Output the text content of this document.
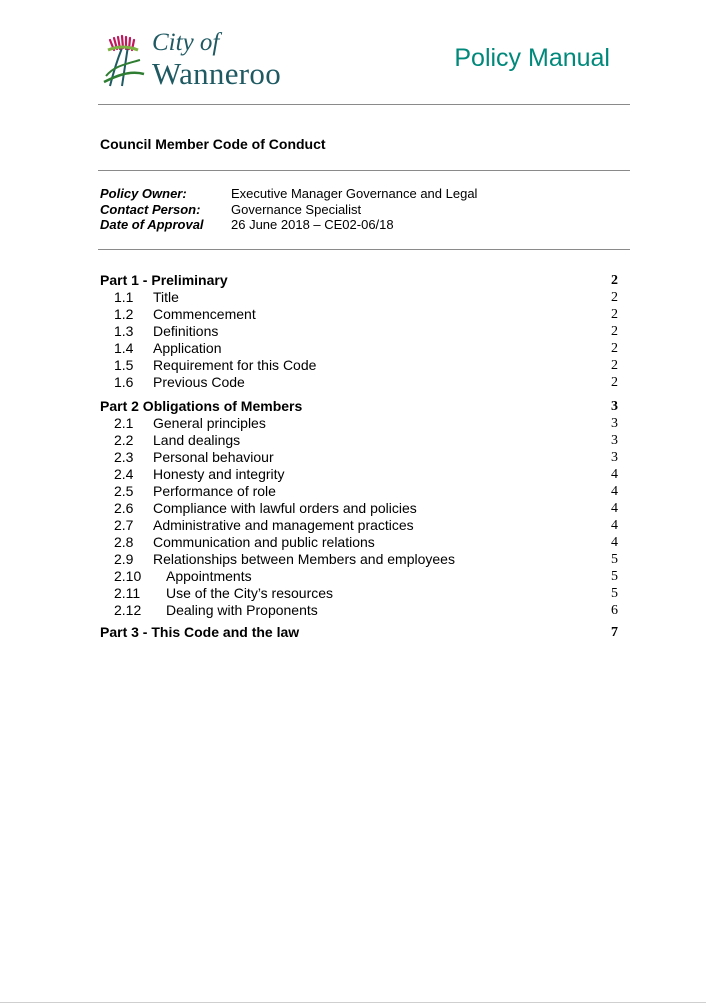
City of
Wanneroo	Policy Manual
Council Member Code of Conduct
Policy Owner:	Executive Manager Governance and Legal
Contact Person: Governance Specialist
Date of Approval 26 June 2018 – CE02-06/18
Part 1 - Preliminary	2
1.1 Title	2
1.2 Commencement	2
1.3 Definitions	2
1.4 Application	2
1.5 Requirement for this Code	2
1.6 Previous Code	2
Part 2 Obligations of Members	3
2.1 General principles	3
2.2 Land dealings	3
2.3 Personal behaviour	3
2.4 Honesty and integrity	4
2.5 Performance of role	4
2.6 Compliance with lawful orders and policies	4
2.7 Administrative and management practices	4
2.8 Communication and public relations	4
2.9 Relationships between Members and employees	5
2.10 Appointments	5
2.11 Use of the City’s resources	5
2.12 Dealing with Proponents	6
Part 3 - This Code and the law	7
